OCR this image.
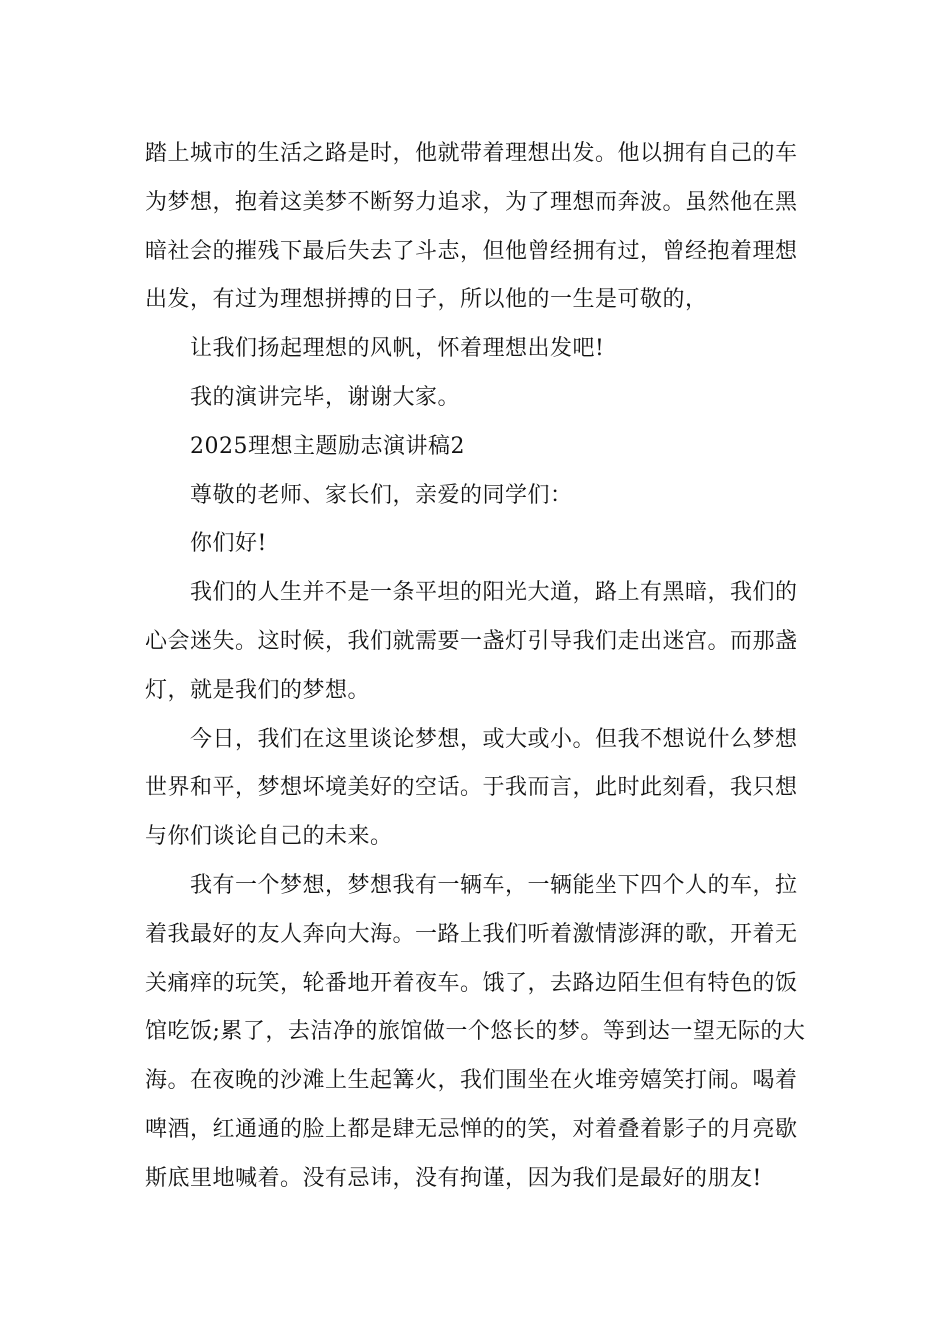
踏上城市的生活之路是时，他就带着理想出发。他以拥有自己的车
为梦想，抱着这美梦不断努力追求，为了理想而奔波。虽然他在黑
暗社会的摧残下最后失去了斗志，但他曾经拥有过，曾经抱着理想
出发，有过为理想拼搏的日子，所以他的一生是可敬的，
让我们扬起理想的风帆，怀着理想出发吧!
我的演讲完毕，谢谢大家。
2025理想主题励志演讲稿2
尊敬的老师、家长们，亲爱的同学们：
你们好!
我们的人生并不是一条平坦的阳光大道，路上有黑暗，我们的
心会迷失。这时候，我们就需要一盏灯引导我们走出迷宫。而那盏
灯，就是我们的梦想。
今日，我们在这里谈论梦想，或大或小。但我不想说什么梦想
世界和平，梦想坏境美好的空话。于我而言，此时此刻看，我只想
与你们谈论自己的未来。
我有一个梦想，梦想我有一辆车，一辆能坐下四个人的车，拉
着我最好的友人奔向大海。一路上我们听着激情澎湃的歌，开着无
关痛痒的玩笑，轮番地开着夜车。饿了，去路边陌生但有特色的饭
馆吃饭;累了，去洁净的旅馆做一个悠长的梦。等到达一望无际的大
海。在夜晚的沙滩上生起篝火，我们围坐在火堆旁嬉笑打闹。喝着
啤酒，红通通的脸上都是肆无忌惮的的笑，对着叠着影子的月亮歇
斯底里地喊着。没有忌讳，没有拘谨，因为我们是最好的朋友!
